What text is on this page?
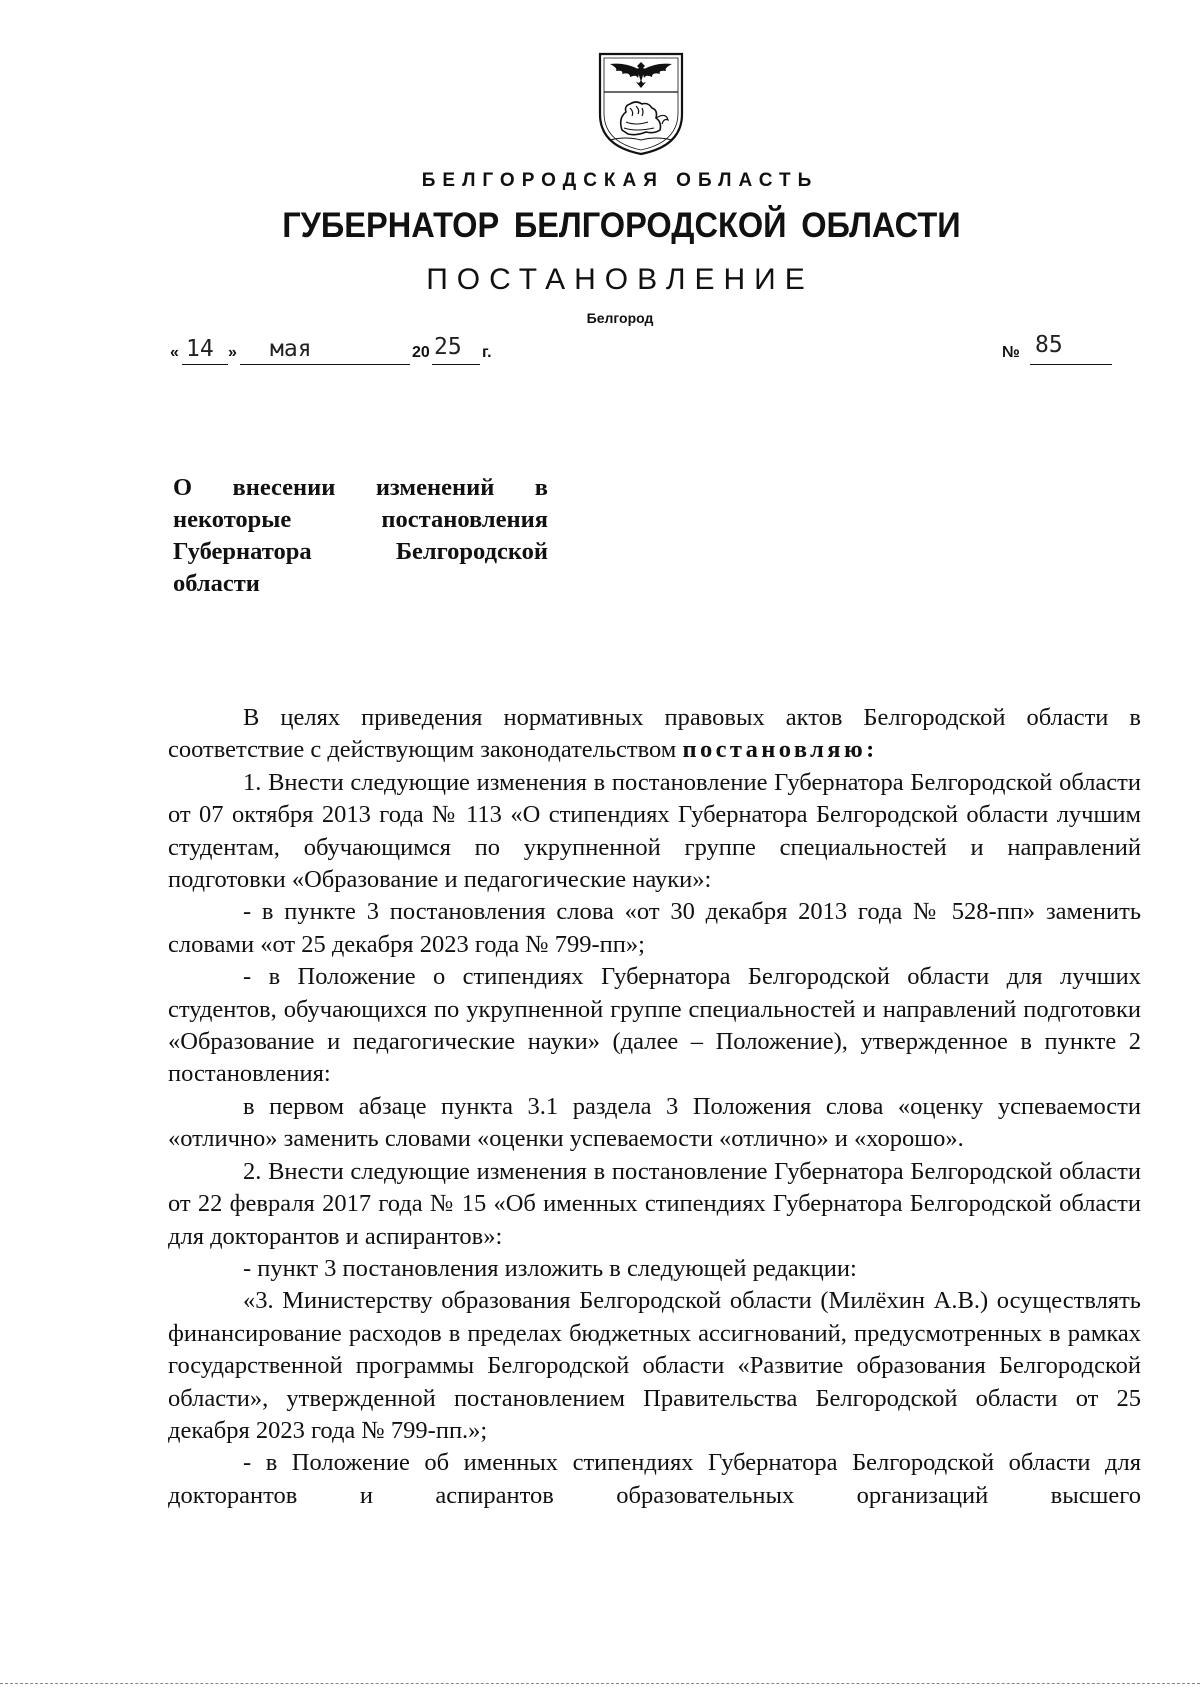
БЕЛГОРОДСКАЯ ОБЛАСТЬ
ГУБЕРНАТОР БЕЛГОРОДСКОЙ ОБЛАСТИ
ПОСТАНОВЛЕНИЕ
Белгород
« 14 » мая	20 25 г.	№ 85
О внесении изменений в некоторые постановления Губернатора Белгородской области

В целях приведения нормативных правовых актов Белгородской области в соответствие с действующим законодательством постановляю:

1. Внести следующие изменения в постановление Губернатора Белгородской области от 07 октября 2013 года № 113 «О стипендиях Губернатора Белгородской области лучшим студентам, обучающимся по укрупненной группе специальностей и направлений подготовки «Образование и педагогические науки»:

- в пункте 3 постановления слова «от 30 декабря 2013 года № 528-пп» заменить словами «от 25 декабря 2023 года № 799-пп»;

- в Положение о стипендиях Губернатора Белгородской области для лучших студентов, обучающихся по укрупненной группе специальностей и направлений подготовки «Образование и педагогические науки» (далее – Положение), утвержденное в пункте 2 постановления:

в первом абзаце пункта 3.1 раздела 3 Положения слова «оценку успеваемости «отлично» заменить словами «оценки успеваемости «отлично» и «хорошо».

2. Внести следующие изменения в постановление Губернатора Белгородской области от 22 февраля 2017 года № 15 «Об именных стипендиях Губернатора Белгородской области для докторантов и аспирантов»:

- пункт 3 постановления изложить в следующей редакции:

«3. Министерству образования Белгородской области (Милёхин А.В.) осуществлять финансирование расходов в пределах бюджетных ассигнований, предусмотренных в рамках государственной программы Белгородской области «Развитие образования Белгородской области», утвержденной постановлением Правительства Белгородской области от 25 декабря 2023 года № 799-пп.»;

- в Положение об именных стипендиях Губернатора Белгородской области для докторантов и аспирантов образовательных организаций высшего
